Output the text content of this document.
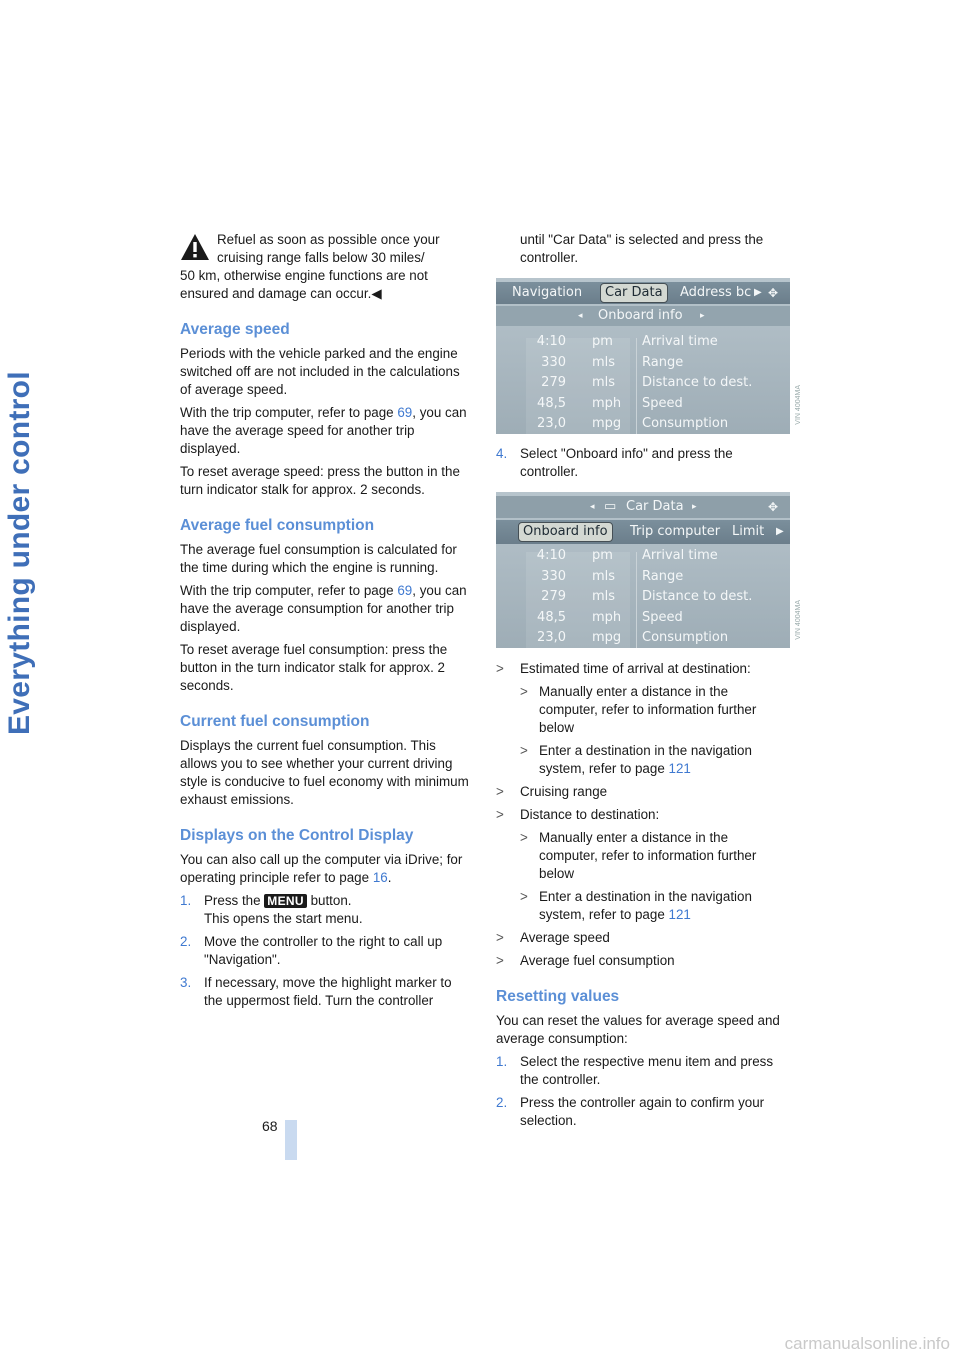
Everything under control
Refuel as soon as possible once your
cruising range falls below 30 miles/
50 km, otherwise engine functions are not
ensured and damage can occur.◀
Average speed

Periods with the vehicle parked and the engine switched off are not included in the calculations of average speed.

With the trip computer, refer to page 69, you can have the average speed for another trip displayed.

To reset average speed: press the button in the turn indicator stalk for approx. 2 seconds.

Average fuel consumption

The average fuel consumption is calculated for the time during which the engine is running.

With the trip computer, refer to page 69, you can have the average consumption for another trip displayed.

To reset average fuel consumption: press the button in the turn indicator stalk for approx. 2 seconds.

Current fuel consumption

Displays the current fuel consumption. This allows you to see whether your current driving style is conducive to fuel economy with minimum exhaust emissions.

Displays on the Control Display

You can also call up the computer via iDrive; for operating principle refer to page 16.

1. Press the MENU button.
This opens the start menu.
2. Move the controller to the right to call up "Navigation".
3. If necessary, move the highlight marker to the uppermost field. Turn the controller
until "Car Data" is selected and press the controller.
Navigation	Car Data	Address bc ▶ ✥
◂ Onboard info ▸
4:10 pm Arrival time
330 mls Range
279 mls Distance to dest.
48,5 mph Speed
23,0 mpg Consumption	VIN 4004MA
4. Select "Onboard info" and press the controller.
◂ ▭ Car Data ▸	✥
Onboard info	Trip computer Limit ▶
4:10 pm Arrival time
330 mls Range
279 mls Distance to dest.
48,5 mph Speed
23,0 mpg Consumption	VIN 4004MA
> Estimated time of arrival at destination:
> Manually enter a distance in the computer, refer to information further below
> Enter a destination in the navigation system, refer to page 121
> Cruising range
> Distance to destination:
> Manually enter a distance in the computer, refer to information further below
> Enter a destination in the navigation system, refer to page 121
> Average speed
> Average fuel consumption
Resetting values

You can reset the values for average speed and average consumption:

1. Select the respective menu item and press the controller.
2. Press the controller again to confirm your selection.
68
carmanualsonline.info
